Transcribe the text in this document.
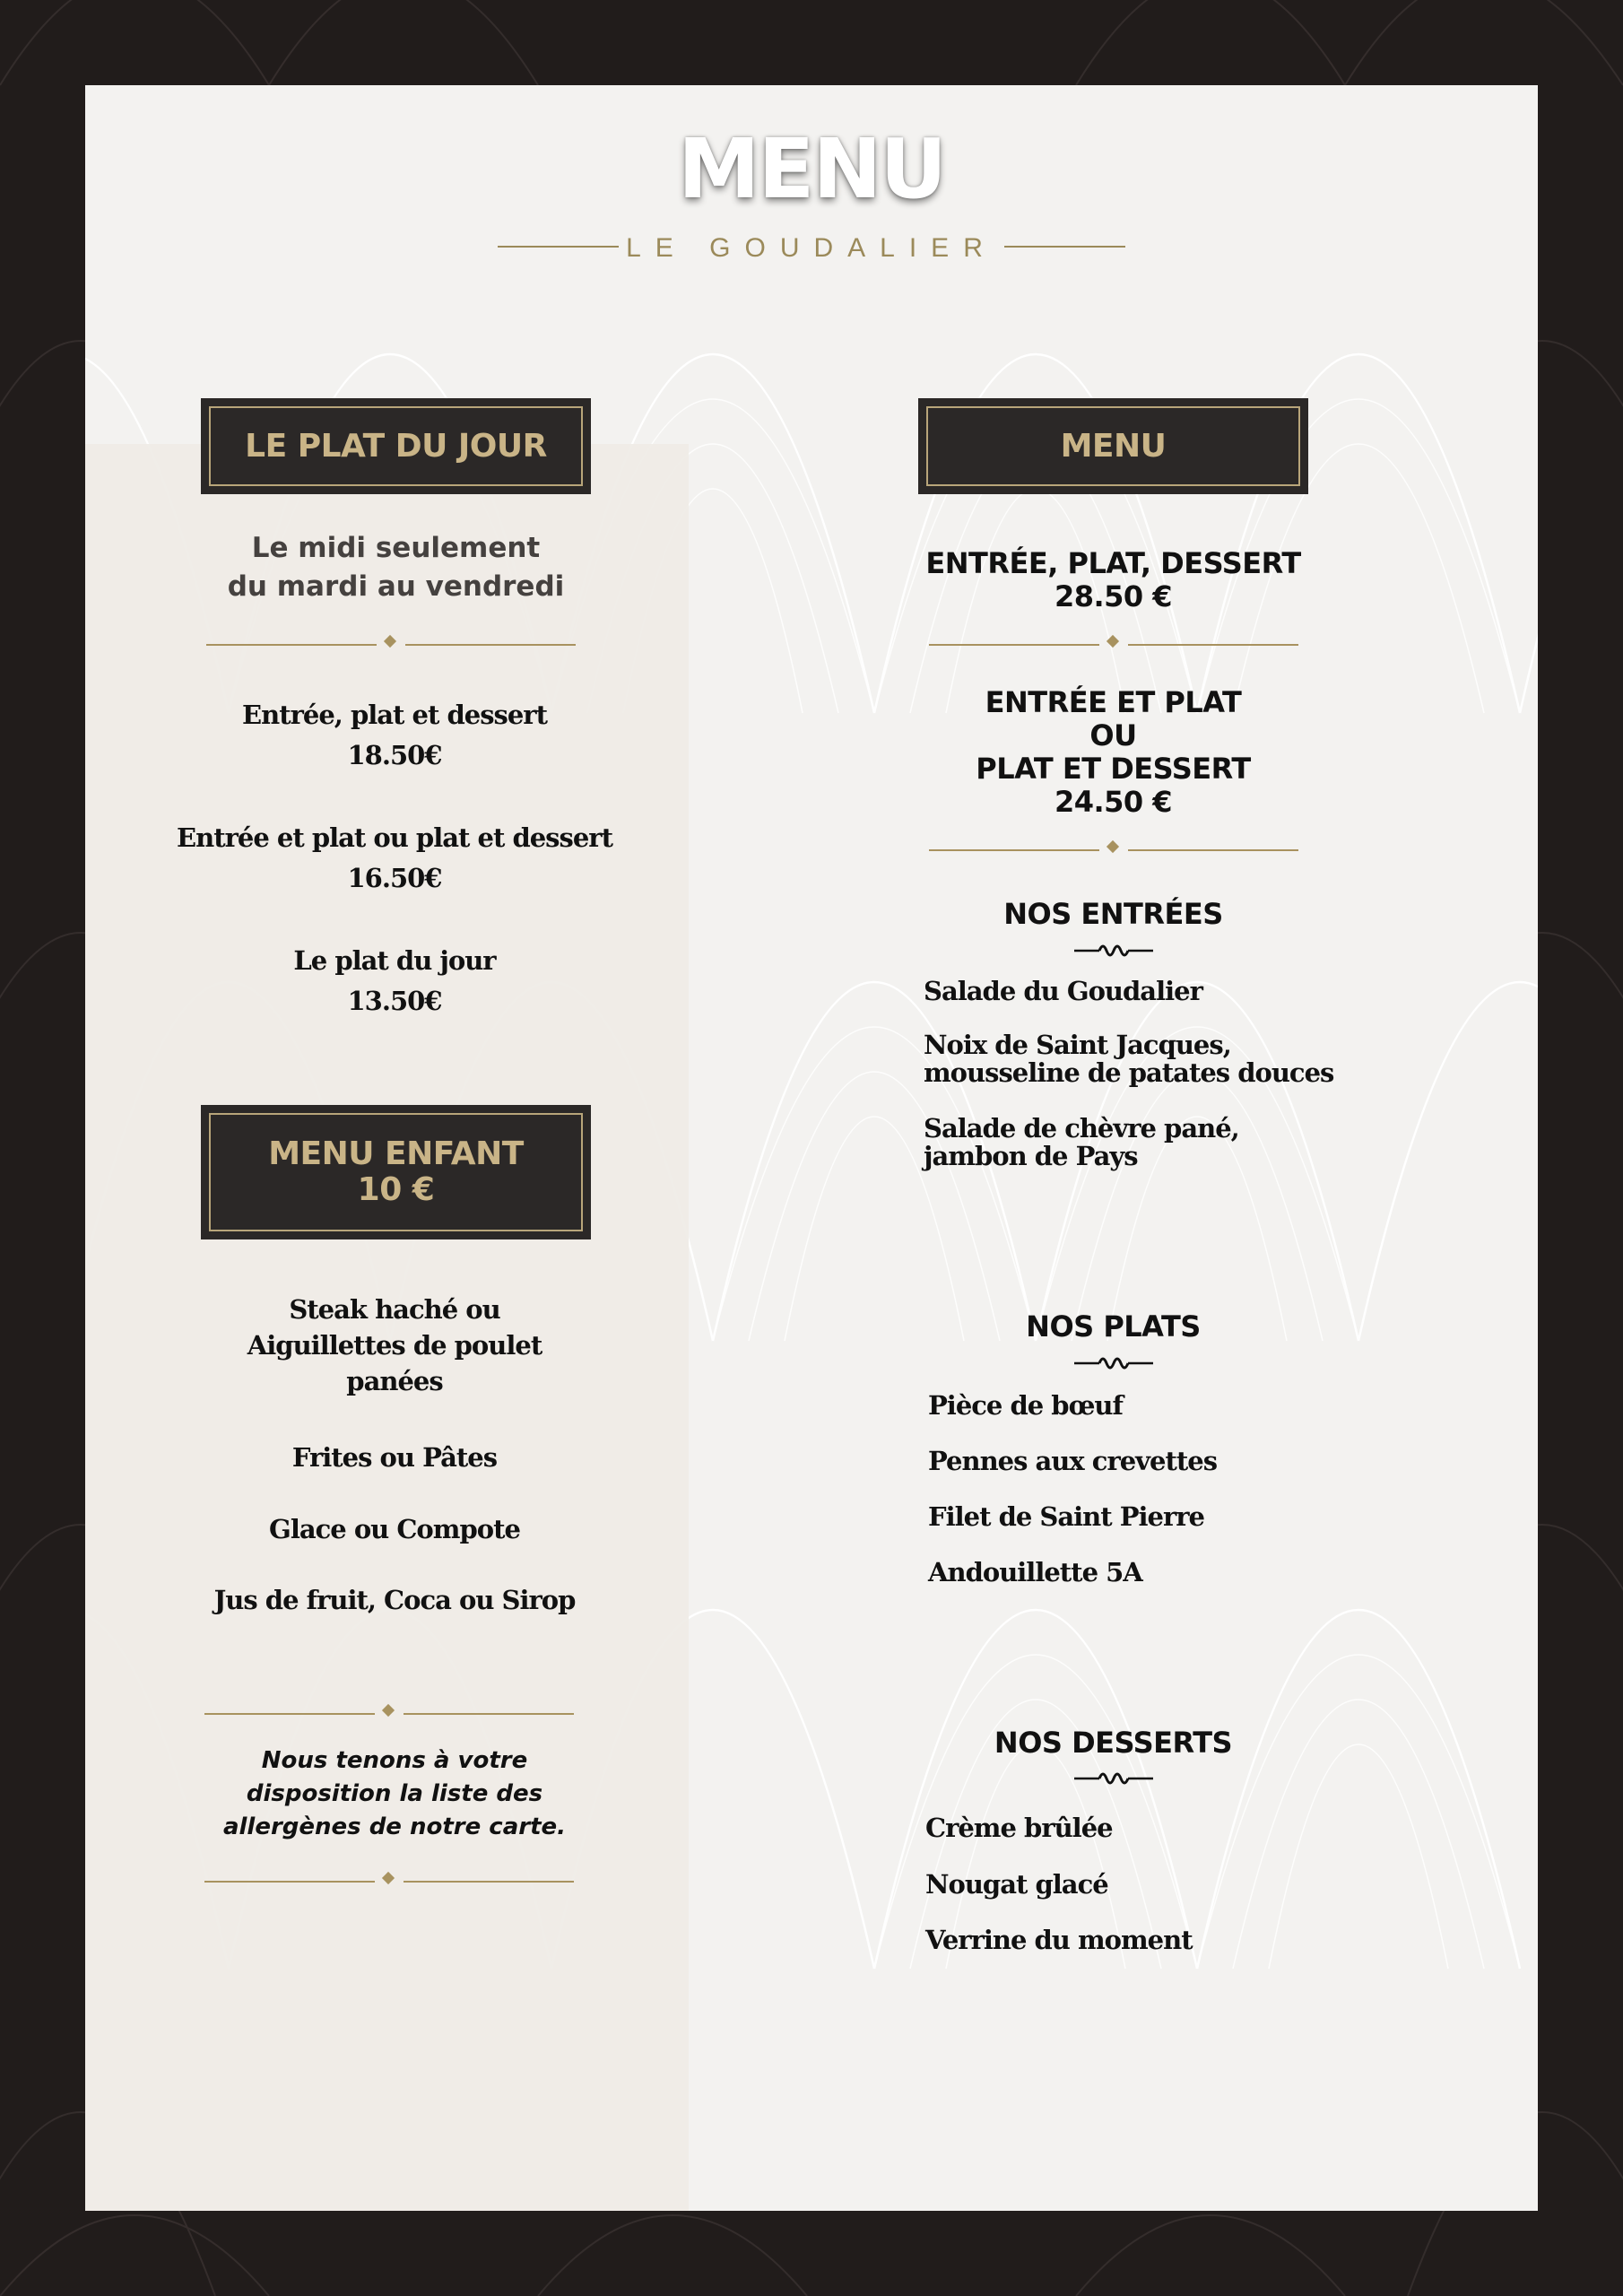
MENU
LE GOUDALIER
LE PLAT DU JOUR
Le midi seulement
du mardi au vendredi
Entrée, plat et dessert
18.50€
Entrée et plat ou plat et dessert
16.50€
Le plat du jour
13.50€
MENU ENFANT
10 €
Steak haché ou
Aiguillettes de poulet
panées
Frites ou Pâtes
Glace ou Compote
Jus de fruit, Coca ou Sirop
Nous tenons à votre
disposition la liste des
allergènes de notre carte.
MENU
ENTRÉE, PLAT, DESSERT
28.50 €
ENTRÉE ET PLAT
OU
PLAT ET DESSERT
24.50 €
NOS ENTRÉES
Salade du Goudalier
Noix de Saint Jacques,
mousseline de patates douces
Salade de chèvre pané,
jambon de Pays
NOS PLATS
Pièce de bœuf
Pennes aux crevettes
Filet de Saint Pierre
Andouillette 5A
NOS DESSERTS
Crème brûlée
Nougat glacé
Verrine du moment
